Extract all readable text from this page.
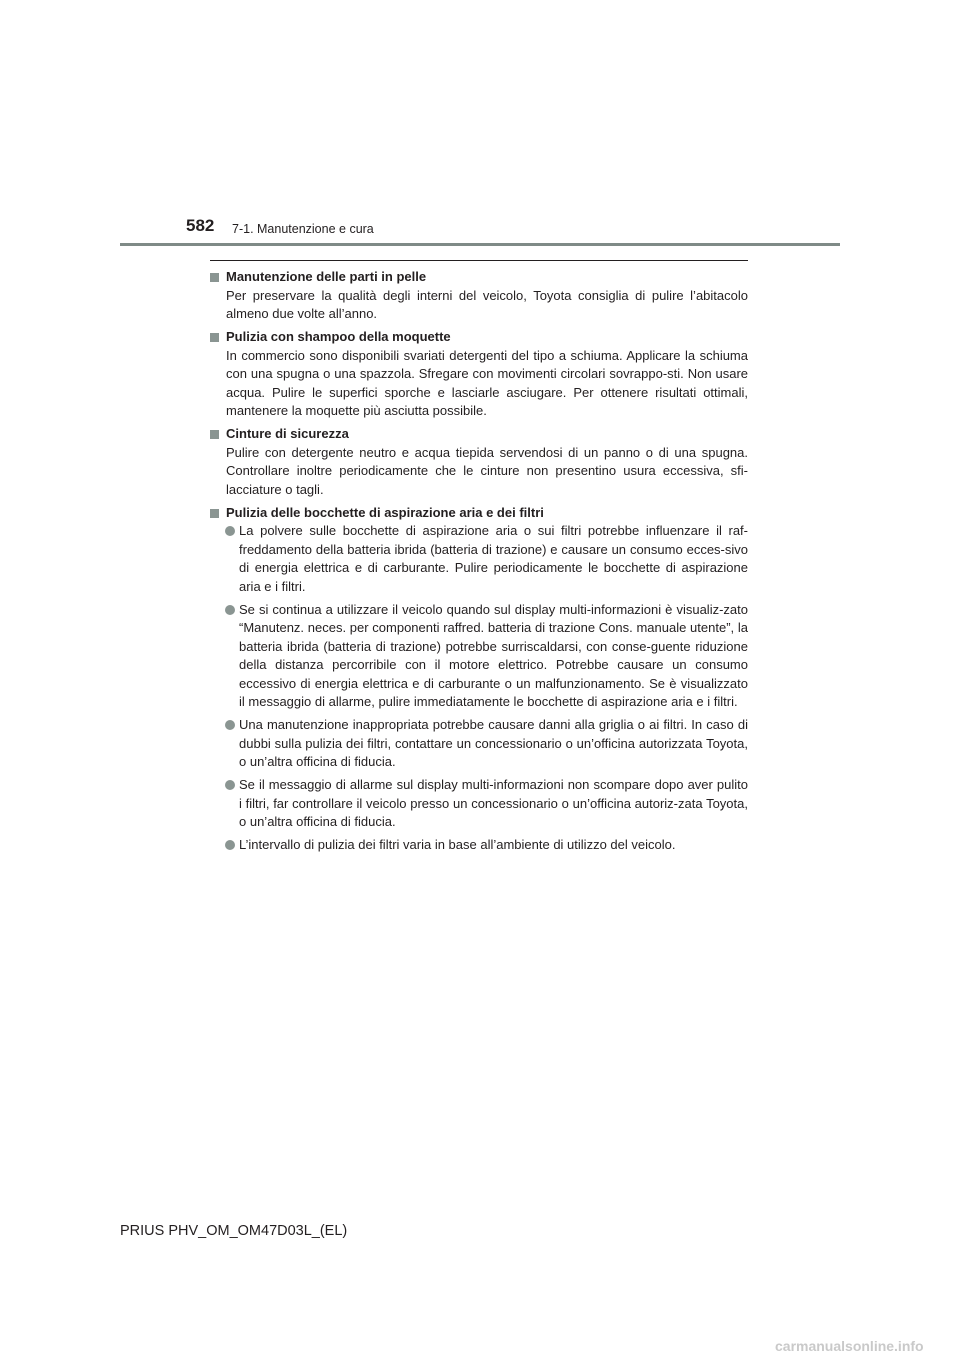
582 7-1. Manutenzione e cura
Manutenzione delle parti in pelle

Per preservare la qualità degli interni del veicolo, Toyota consiglia di pulire l’abitacolo almeno due volte all’anno.

Pulizia con shampoo della moquette

In commercio sono disponibili svariati detergenti del tipo a schiuma. Applicare la schiuma con una spugna o una spazzola. Sfregare con movimenti circolari sovrappo-sti. Non usare acqua. Pulire le superfici sporche e lasciarle asciugare. Per ottenere risultati ottimali, mantenere la moquette più asciutta possibile.

Cinture di sicurezza

Pulire con detergente neutro e acqua tiepida servendosi di un panno o di una spugna. Controllare inoltre periodicamente che le cinture non presentino usura eccessiva, sfi-lacciature o tagli.

Pulizia delle bocchette di aspirazione aria e dei filtri
La polvere sulle bocchette di aspirazione aria o sui filtri potrebbe influenzare il raf-freddamento della batteria ibrida (batteria di trazione) e causare un consumo ecces-sivo di energia elettrica e di carburante. Pulire periodicamente le bocchette di aspirazione aria e i filtri.
Se si continua a utilizzare il veicolo quando sul display multi-informazioni è visualiz-zato “Manutenz. neces. per componenti raffred. batteria di trazione Cons. manuale utente”, la batteria ibrida (batteria di trazione) potrebbe surriscaldarsi, con conse-guente riduzione della distanza percorribile con il motore elettrico. Potrebbe causare un consumo eccessivo di energia elettrica e di carburante o un malfunzionamento. Se è visualizzato il messaggio di allarme, pulire immediatamente le bocchette di aspirazione aria e i filtri.
Una manutenzione inappropriata potrebbe causare danni alla griglia o ai filtri. In caso di dubbi sulla pulizia dei filtri, contattare un concessionario o un’officina autorizzata Toyota, o un’altra officina di fiducia.
Se il messaggio di allarme sul display multi-informazioni non scompare dopo aver pulito i filtri, far controllare il veicolo presso un concessionario o un’officina autoriz-zata Toyota, o un’altra officina di fiducia.
L’intervallo di pulizia dei filtri varia in base all’ambiente di utilizzo del veicolo.
PRIUS PHV_OM_OM47D03L_(EL)
carmanualsonline.info
